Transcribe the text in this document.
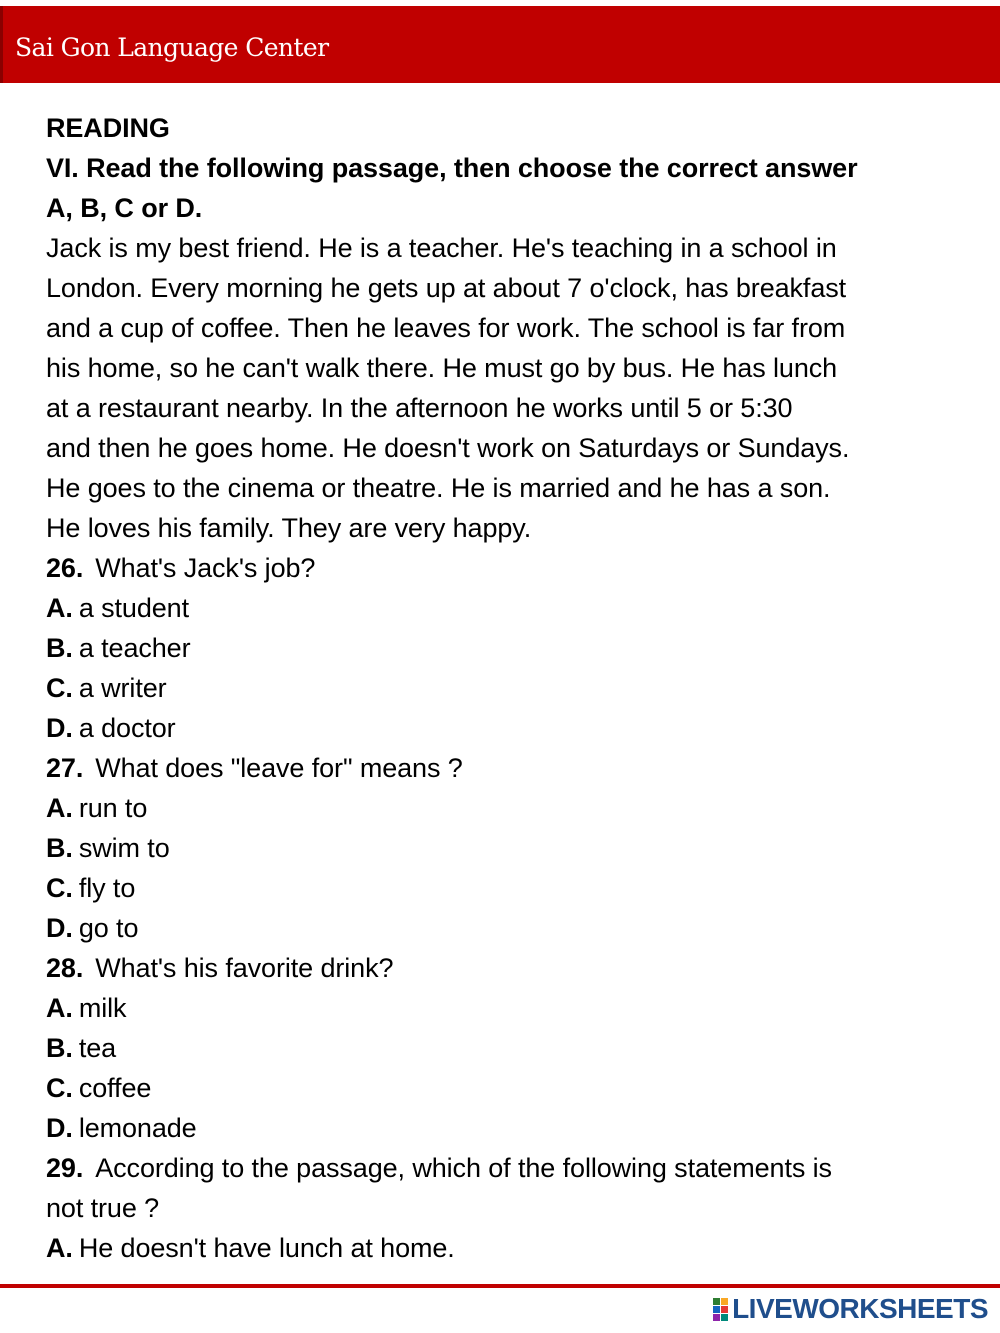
Sai Gon Language Center
READING
VI. Read the following passage, then choose the correct answer
A, B, C or D.
Jack is my best friend. He is a teacher. He's teaching in a school in
London. Every morning he gets up at about 7 o'clock, has breakfast
and a cup of coffee. Then he leaves for work. The school is far from
his home, so he can't walk there. He must go by bus. He has lunch
at a restaurant nearby. In the afternoon he works until 5 or 5:30
and then he goes home. He doesn't work on Saturdays or Sundays.
He goes to the cinema or theatre. He is married and he has a son.
He loves his family. They are very happy.
26. What's Jack's job?
A. a student
B. a teacher
C. a writer
D. a doctor
27. What does "leave for" means ?
A. run to
B. swim to
C. fly to
D. go to
28. What's his favorite drink?
A. milk
B. tea
C. coffee
D. lemonade
29. According to the passage, which of the following statements is
not true ?
A. He doesn't have lunch at home.
LIVEWORKSHEETS
